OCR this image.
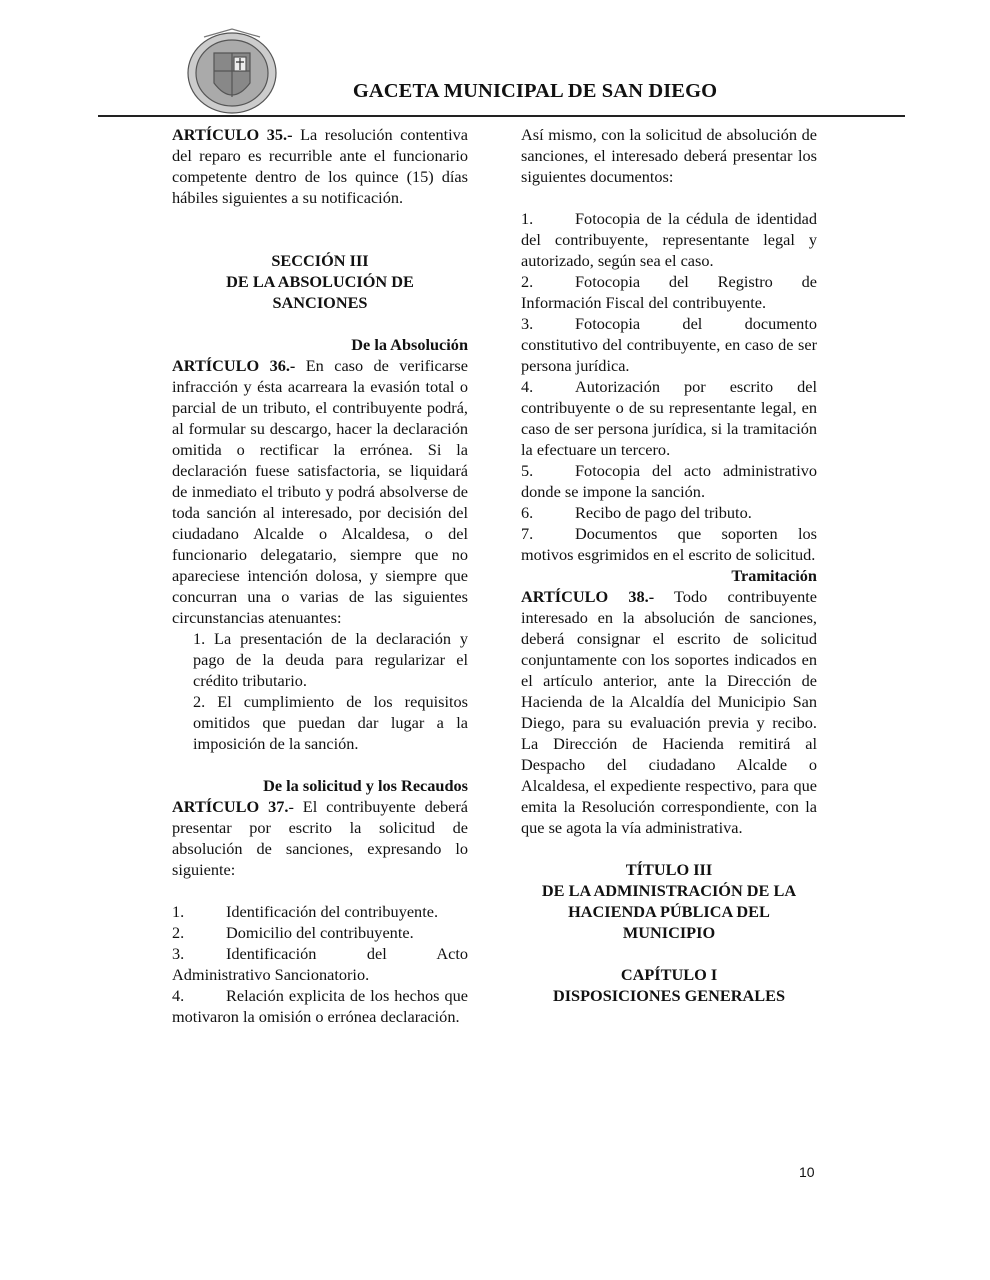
GACETA MUNICIPAL DE SAN DIEGO

ARTÍCULO 35.- La resolución contentiva del reparo es recurrible ante el funcionario competente dentro de los quince (15) días hábiles siguientes a su notificación.

SECCIÓN III
DE LA ABSOLUCIÓN DE
SANCIONES
De la Absolución

ARTÍCULO 36.- En caso de verificarse infracción y ésta acarreara la evasión total o parcial de un tributo, el contribuyente podrá, al formular su descargo, hacer la declaración omitida o rectificar la errónea. Si la declaración fuese satisfactoria, se liquidará de inmediato el tributo y podrá absolverse de toda sanción al interesado, por decisión del ciudadano Alcalde o Alcaldesa, o del funcionario delegatario, siempre que no apareciese intención dolosa, y siempre que concurran una o varias de las siguientes circunstancias atenuantes:

1. La presentación de la declaración y pago de la deuda para regularizar el crédito tributario.

2. El cumplimiento de los requisitos omitidos que puedan dar lugar a la imposición de la sanción.

De la solicitud y los Recaudos

ARTÍCULO 37.- El contribuyente deberá presentar por escrito la solicitud de absolución de sanciones, expresando lo siguiente:

1.	Identificación del contribuyente.

2.	Domicilio del contribuyente.

3.	Identificación del Acto Administrativo Sancionatorio.

4.	Relación explicita de los hechos que motivaron la omisión o errónea declaración.

Así mismo, con la solicitud de absolución de sanciones, el interesado deberá presentar los siguientes documentos:

1.	Fotocopia de la cédula de identidad del contribuyente, representante legal y autorizado, según sea el caso.

2.	Fotocopia del Registro de Información Fiscal del contribuyente.

3.	Fotocopia del documento constitutivo del contribuyente, en caso de ser persona jurídica.

4.	Autorización por escrito del contribuyente o de su representante legal, en caso de ser persona jurídica, si la tramitación la efectuare un tercero.

5.	Fotocopia del acto administrativo donde se impone la sanción.

6.	Recibo de pago del tributo.

7.	Documentos que soporten los motivos esgrimidos en el escrito de solicitud.

Tramitación

ARTÍCULO 38.- Todo contribuyente interesado en la absolución de sanciones, deberá consignar el escrito de solicitud conjuntamente con los soportes indicados en el artículo anterior, ante la Dirección de Hacienda de la Alcaldía del Municipio San Diego, para su evaluación previa y recibo. La Dirección de Hacienda remitirá al Despacho del ciudadano Alcalde o Alcaldesa, el expediente respectivo, para que emita la Resolución correspondiente, con la que se agota la vía administrativa.

TÍTULO III
DE LA ADMINISTRACIÓN DE LA
HACIENDA PÚBLICA DEL
MUNICIPIO
CAPÍTULO I
DISPOSICIONES GENERALES
10
